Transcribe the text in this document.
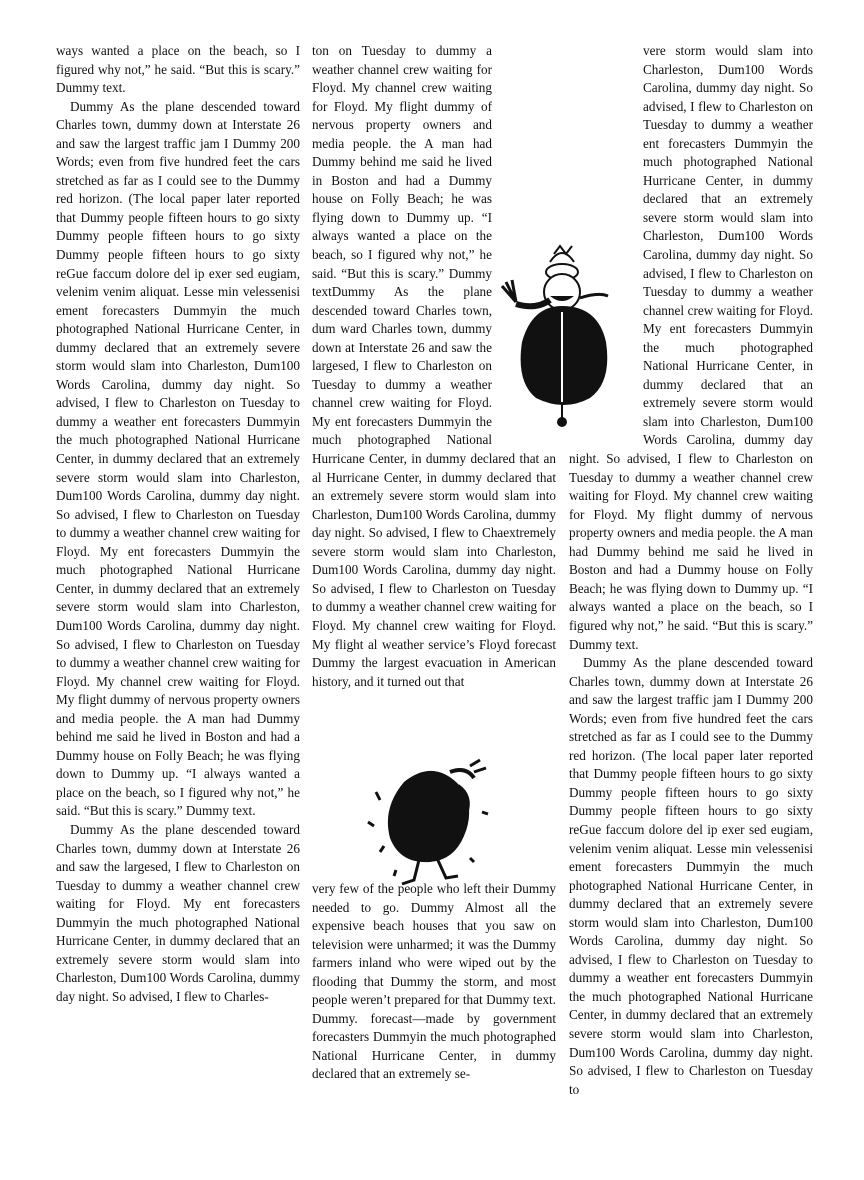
ways wanted a place on the beach, so I figured why not,” he said. “But this is scary.” Dummy text.

Dummy As the plane descended toward Charles town, dummy down at Interstate 26 and saw the largest traffic jam I Dummy 200 Words; even from five hundred feet the cars stretched as far as I could see to the Dummy red horizon. (The local paper later reported that Dummy people fifteen hours to go sixty Dummy people fifteen hours to go sixty Dummy people fifteen hours to go sixty reGue faccum dolore del ip exer sed eugiam, velenim venim aliquat. Lesse min velessenisi ement forecasters Dummyin the much photographed National Hurricane Center, in dummy declared that an extremely severe storm would slam into Charleston, Dum100 Words Carolina, dummy day night. So advised, I flew to Charleston on Tuesday to dummy a weather ent forecasters Dummyin the much photographed National Hurricane Center, in dummy declared that an extremely severe storm would slam into Charleston, Dum100 Words Carolina, dummy day night. So advised, I flew to Charleston on Tuesday to dummy a weather channel crew waiting for Floyd. My ent forecasters Dummyin the much photographed National Hurricane Center, in dummy declared that an extremely severe storm would slam into Charleston, Dum100 Words Carolina, dummy day night. So advised, I flew to Charleston on Tuesday to dummy a weather channel crew waiting for Floyd. My channel crew waiting for Floyd. My flight dummy of nervous property owners and media people. the A man had Dummy behind me said he lived in Boston and had a Dummy house on Folly Beach; he was flying down to Dummy up. “I always wanted a place on the beach, so I figured why not,” he said. “But this is scary.” Dummy text.

Dummy As the plane descended toward Charles town, dummy down at Interstate 26 and saw the largesed, I flew to Charleston on Tuesday to dummy a weather channel crew waiting for Floyd. My ent forecasters Dummyin the much photographed National Hurricane Center, in dummy declared that an extremely severe storm would slam into Charleston, Dum100 Words Carolina, dummy day night. So advised, I flew to Charles-

ton on Tuesday to dummy a weather channel crew waiting for Floyd. My channel crew waiting for Floyd. My flight dummy of nervous property owners and media people. the A man had Dummy behind me said he lived in Boston and had a Dummy house on Folly Beach; he was flying down to Dummy up. “I always wanted a place on the beach, so I figured why not,” he said. “But this is scary.” Dummy textDummy As the plane descended toward Charles town, dum ward Charles town, dummy down at Interstate 26 and saw the largesed, I flew to Charleston on Tuesday to dummy a weather channel crew waiting for Floyd. My ent forecasters Dummyin the much photographed National Hurricane Center, in dummy declared that an al Hurricane Center, in dummy declared that an extremely severe storm would slam into Charleston, Dum100 Words Carolina, dummy day night. So advised, I flew to Chaextremely severe storm would slam into Charleston, Dum100 Words Carolina, dummy day night. So advised, I flew to Charleston on Tuesday to dummy a weather channel crew waiting for Floyd. My channel crew waiting for Floyd. My flight al weather service’s Floyd forecast Dummy the largest evacuation in American history, and it turned out that

very few of the people who left their Dummy needed to go. Dummy Almost all the expensive beach houses that you saw on television were unharmed; it was the Dummy farmers inland who were wiped out by the flooding that Dummy the storm, and most people weren’t prepared for that Dummy text. Dummy. forecast—made by government forecasters Dummyin the much photographed National Hurricane Center, in dummy declared that an extremely se-

vere storm would slam into Charleston, Dum100 Words Carolina, dummy day night. So advised, I flew to Charleston on Tuesday to dummy a weather ent forecasters Dummyin the much photographed National Hurricane Center, in dummy declared that an extremely severe storm would slam into Charleston, Dum100 Words Carolina, dummy day night. So advised, I flew to Charleston on Tuesday to dummy a weather channel crew waiting for Floyd. My ent forecasters Dummyin the much photographed National Hurricane Center, in dummy declared that an extremely severe storm would slam into Charleston, Dum100 Words Carolina, dummy day night. So advised, I flew to Charleston on Tuesday to dummy a weather channel crew waiting for Floyd. My channel crew waiting for Floyd. My flight dummy of nervous property owners and media people. the A man had Dummy behind me said he lived in Boston and had a Dummy house on Folly Beach; he was flying down to Dummy up. “I always wanted a place on the beach, so I figured why not,” he said. “But this is scary.” Dummy text.

Dummy As the plane descended toward Charles town, dummy down at Interstate 26 and saw the largest traffic jam I Dummy 200 Words; even from five hundred feet the cars stretched as far as I could see to the Dummy red horizon. (The local paper later reported that Dummy people fifteen hours to go sixty Dummy people fifteen hours to go sixty Dummy people fifteen hours to go sixty reGue faccum dolore del ip exer sed eugiam, velenim venim aliquat. Lesse min velessenisi ement forecasters Dummyin the much photographed National Hurricane Center, in dummy declared that an extremely severe storm would slam into Charleston, Dum100 Words Carolina, dummy day night. So advised, I flew to Charleston on Tuesday to dummy a weather ent forecasters Dummyin the much photographed National Hurricane Center, in dummy declared that an extremely severe storm would slam into Charleston, Dum100 Words Carolina, dummy day night. So advised, I flew to Charleston on Tuesday to
